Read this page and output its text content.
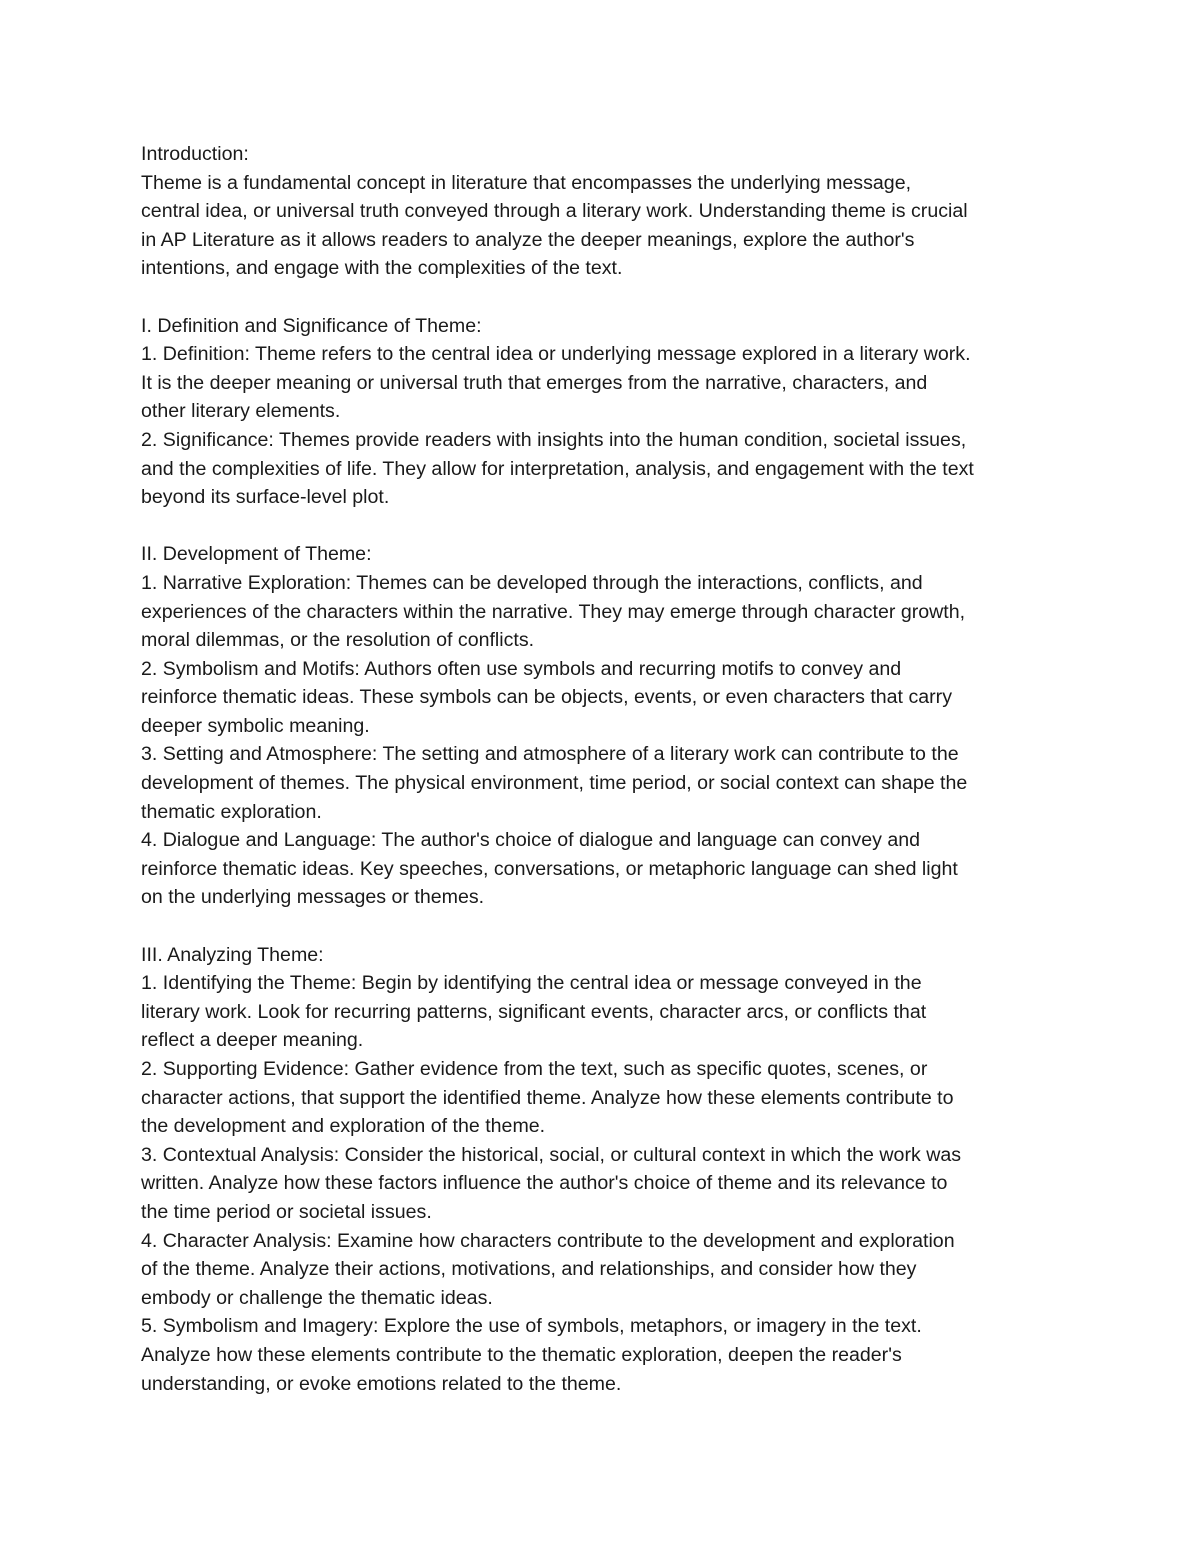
Introduction:
Theme is a fundamental concept in literature that encompasses the underlying message,
central idea, or universal truth conveyed through a literary work. Understanding theme is crucial
in AP Literature as it allows readers to analyze the deeper meanings, explore the author's
intentions, and engage with the complexities of the text.
I. Definition and Significance of Theme:
1. Definition: Theme refers to the central idea or underlying message explored in a literary work.
It is the deeper meaning or universal truth that emerges from the narrative, characters, and
other literary elements.
2. Significance: Themes provide readers with insights into the human condition, societal issues,
and the complexities of life. They allow for interpretation, analysis, and engagement with the text
beyond its surface-level plot.
II. Development of Theme:
1. Narrative Exploration: Themes can be developed through the interactions, conflicts, and
experiences of the characters within the narrative. They may emerge through character growth,
moral dilemmas, or the resolution of conflicts.
2. Symbolism and Motifs: Authors often use symbols and recurring motifs to convey and
reinforce thematic ideas. These symbols can be objects, events, or even characters that carry
deeper symbolic meaning.
3. Setting and Atmosphere: The setting and atmosphere of a literary work can contribute to the
development of themes. The physical environment, time period, or social context can shape the
thematic exploration.
4. Dialogue and Language: The author's choice of dialogue and language can convey and
reinforce thematic ideas. Key speeches, conversations, or metaphoric language can shed light
on the underlying messages or themes.
III. Analyzing Theme:
1. Identifying the Theme: Begin by identifying the central idea or message conveyed in the
literary work. Look for recurring patterns, significant events, character arcs, or conflicts that
reflect a deeper meaning.
2. Supporting Evidence: Gather evidence from the text, such as specific quotes, scenes, or
character actions, that support the identified theme. Analyze how these elements contribute to
the development and exploration of the theme.
3. Contextual Analysis: Consider the historical, social, or cultural context in which the work was
written. Analyze how these factors influence the author's choice of theme and its relevance to
the time period or societal issues.
4. Character Analysis: Examine how characters contribute to the development and exploration
of the theme. Analyze their actions, motivations, and relationships, and consider how they
embody or challenge the thematic ideas.
5. Symbolism and Imagery: Explore the use of symbols, metaphors, or imagery in the text.
Analyze how these elements contribute to the thematic exploration, deepen the reader's
understanding, or evoke emotions related to the theme.
